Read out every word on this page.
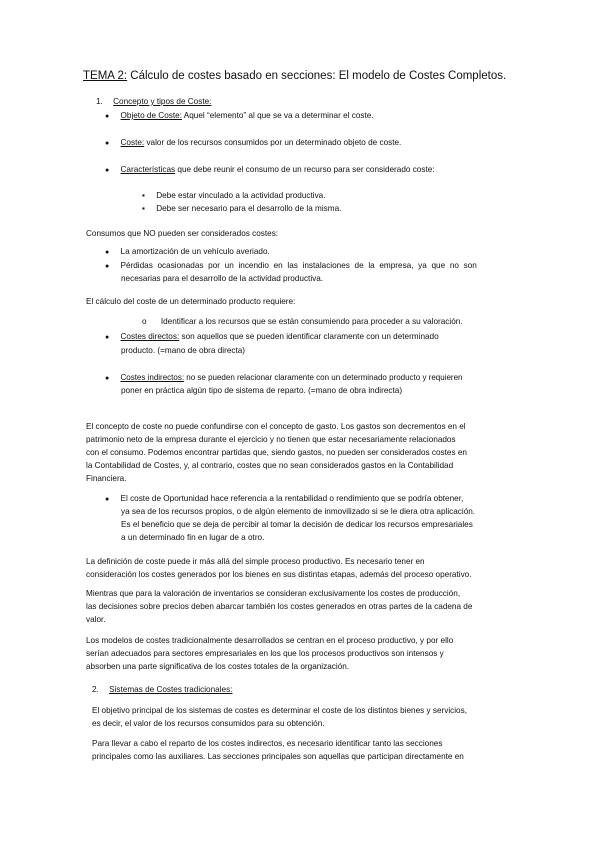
TEMA 2: Cálculo de costes basado en secciones: El modelo de Costes Completos.
1. Concepto y tipos de Coste:
● Objeto de Coste: Aquel “elemento” al que se va a determinar el coste.
● Coste: valor de los recursos consumidos por un determinado objeto de coste.
● Características que debe reunir el consumo de un recurso para ser considerado coste:
▪ Debe estar vinculado a la actividad productiva.
▪ Debe ser necesario para el desarrollo de la misma.
Consumos que NO pueden ser considerados costes:
● La amortización de un vehículo averiado.
● Pérdidas ocasionadas por un incendio en las instalaciones de la empresa, ya que no son
necesarias para el desarrollo de la actividad productiva.
El cálculo del coste de un determinado producto requiere:
o Identificar a los recursos que se están consumiendo para proceder a su valoración.
● Costes directos: son aquellos que se pueden identificar claramente con un determinado
producto. (=mano de obra directa)
● Costes indirectos: no se pueden relacionar claramente con un determinado producto y requieren
poner en práctica algún tipo de sistema de reparto. (=mano de obra indirecta)
El concepto de coste no puede confundirse con el concepto de gasto. Los gastos son decrementos en el
patrimonio neto de la empresa durante el ejercicio y no tienen que estar necesariamente relacionados
con el consumo. Podemos encontrar partidas que, siendo gastos, no pueden ser considerados costes en
la Contabilidad de Costes, y, al contrario, costes que no sean considerados gastos en la Contabilidad
Financiera.
● El coste de Oportunidad hace referencia a la rentabilidad o rendimiento que se podría obtener,
ya sea de los recursos propios, o de algún elemento de inmovilizado si se le diera otra aplicación.
Es el beneficio que se deja de percibir al tomar la decisión de dedicar los recursos empresariales
a un determinado fin en lugar de a otro.
La definición de coste puede ir más allá del simple proceso productivo. Es necesario tener en
consideración los costes generados por los bienes en sus distintas etapas, además del proceso operativo.
Mientras que para la valoración de inventarios se consideran exclusivamente los costes de producción,
las decisiones sobre precios deben abarcar también los costes generados en otras partes de la cadena de
valor.
Los modelos de costes tradicionalmente desarrollados se centran en el proceso productivo, y por ello
serían adecuados para sectores empresariales en los que los procesos productivos son intensos y
absorben una parte significativa de los costes totales de la organización.
2. Sistemas de Costes tradicionales:
El objetivo principal de los sistemas de costes es determinar el coste de los distintos bienes y servicios,
es decir, el valor de los recursos consumidos para su obtención.
Para llevar a cabo el reparto de los costes indirectos, es necesario identificar tanto las secciones
principales como las auxiliares. Las secciones principales son aquellas que participan directamente en
